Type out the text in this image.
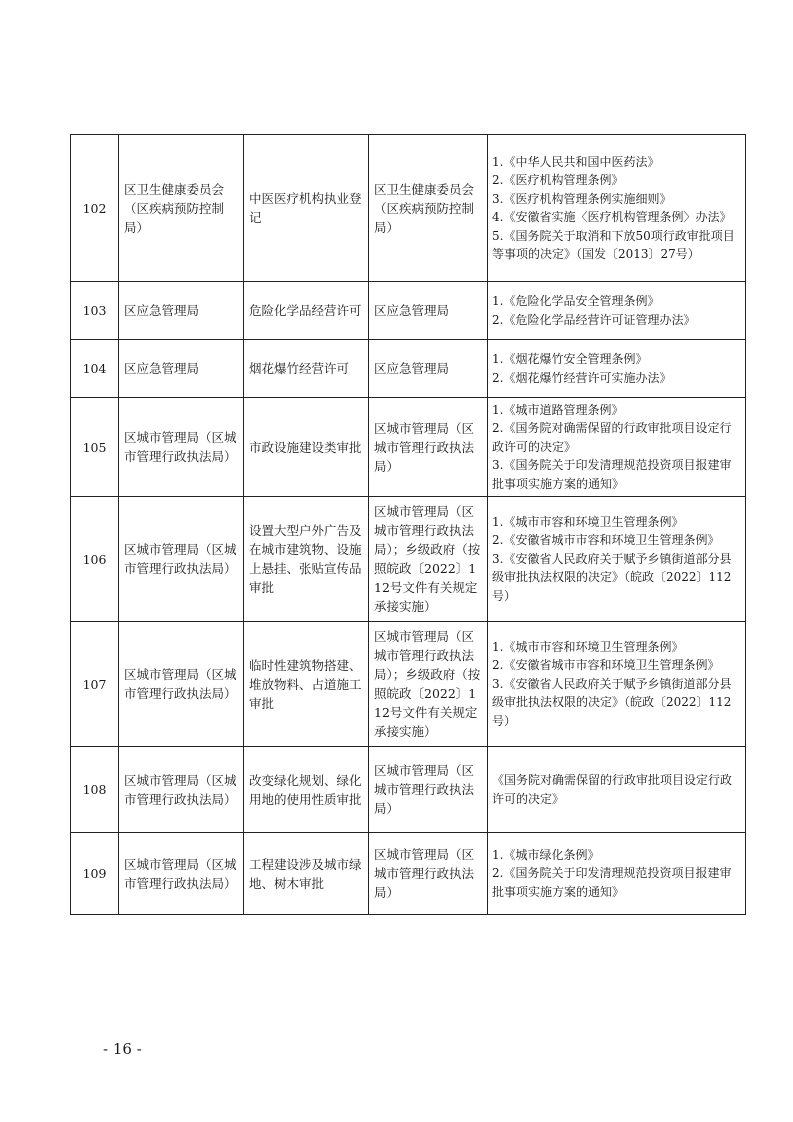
102	区卫生健康委员会（区疾病预防控制局）	中医医疗机构执业登记	区卫生健康委员会（区疾病预防控制局）	1.《中华人民共和国中医药法》
2.《医疗机构管理条例》
3.《医疗机构管理条例实施细则》
4.《安徽省实施〈医疗机构管理条例〉办法》
5.《国务院关于取消和下放50项行政审批项目等事项的决定》（国发〔2013〕27号）

103	区应急管理局	危险化学品经营许可	区应急管理局	1.《危险化学品安全管理条例》
2.《危险化学品经营许可证管理办法》

104	区应急管理局	烟花爆竹经营许可	区应急管理局	1.《烟花爆竹安全管理条例》
2.《烟花爆竹经营许可实施办法》

105	区城市管理局（区城市管理行政执法局）	市政设施建设类审批	区城市管理局（区城市管理行政执法局）	1.《城市道路管理条例》
2.《国务院对确需保留的行政审批项目设定行政许可的决定》
3.《国务院关于印发清理规范投资项目报建审批事项实施方案的通知》

106	区城市管理局（区城市管理行政执法局）	设置大型户外广告及在城市建筑物、设施上悬挂、张贴宣传品审批	区城市管理局（区城市管理行政执法局）；乡级政府（按照皖政〔2022〕112号文件有关规定承接实施）	1.《城市市容和环境卫生管理条例》
2.《安徽省城市市容和环境卫生管理条例》
3.《安徽省人民政府关于赋予乡镇街道部分县级审批执法权限的决定》（皖政〔2022〕112号）

107	区城市管理局（区城市管理行政执法局）	临时性建筑物搭建、堆放物料、占道施工审批	区城市管理局（区城市管理行政执法局）；乡级政府（按照皖政〔2022〕112号文件有关规定承接实施）	1.《城市市容和环境卫生管理条例》
2.《安徽省城市市容和环境卫生管理条例》
3.《安徽省人民政府关于赋予乡镇街道部分县级审批执法权限的决定》（皖政〔2022〕112号）

108	区城市管理局（区城市管理行政执法局）	改变绿化规划、绿化用地的使用性质审批	区城市管理局（区城市管理行政执法局）	《国务院对确需保留的行政审批项目设定行政许可的决定》

109	区城市管理局（区城市管理行政执法局）	工程建设涉及城市绿地、树木审批	区城市管理局（区城市管理行政执法局）	1.《城市绿化条例》
2.《国务院关于印发清理规范投资项目报建审批事项实施方案的通知》
- 16 -
